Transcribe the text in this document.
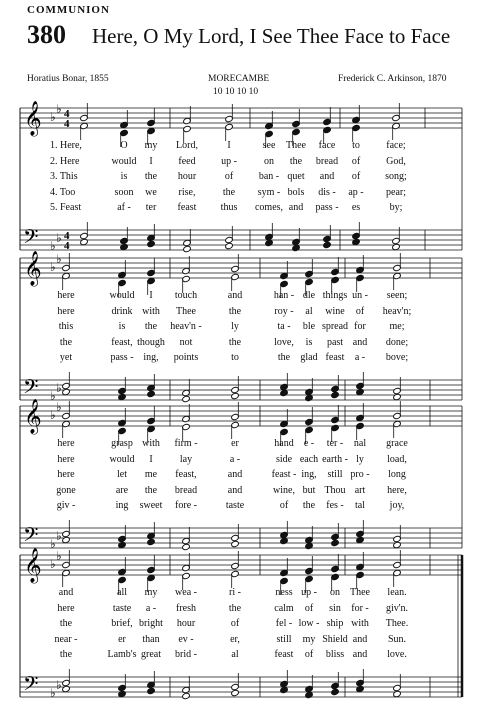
COMMUNION
380 Here, O My Lord, I See Thee Face to Face
Horatius Bonar, 1855	MORECAMBE
10 10 10 10
Frederick C. Arkinson, 1870
𝄞
𝄢
♭
♭
♭
♭
4
4
4
4
1. Here,	O my Lord,	I	see Thee face to	face;
2. Here	would I	feed	up -	on the bread of	God,
3. This	is the hour	of	ban - quet and of song;
4. Too	soon we rise,	the sym - bols dis - ap - pear;
5. Feast	af - ter feast thus comes, and pass - es	by;
𝄞
𝄢
♭
♭
♭
♭
here	would I touch	and	han - dle things un - seen;
here	drink with Thee	the	roy - al wine of heav'n;
this	is the heav'n -	ly	ta - ble spread for me;
the	feast, though not	the	love, is past and done;
yet	pass - ing, points	to	the glad feast a - bove;
𝄞
𝄢
♭
♭
♭
♭
here	grasp with firm -	er	hand e - ter - nal grace
here	would I	lay	a -	side each earth - ly load,
here	let me feast,	and	feast - ing, still pro - long
gone	are the bread	and	wine, but Thou art here,
giv -	ing sweet fore -	taste	of the fes - tal joy,
𝄞
𝄢
♭
♭
♭
♭
and	all my wea -	ri -	ness up - on Thee lean.
here	taste a - fresh	the	calm of sin for - giv'n.
the	brief, bright hour	of	fel - low - ship with Thee.
near -	er than ev -	er,	still my Shield and Sun.
the	Lamb's great brid -	al	feast of bliss and love.
